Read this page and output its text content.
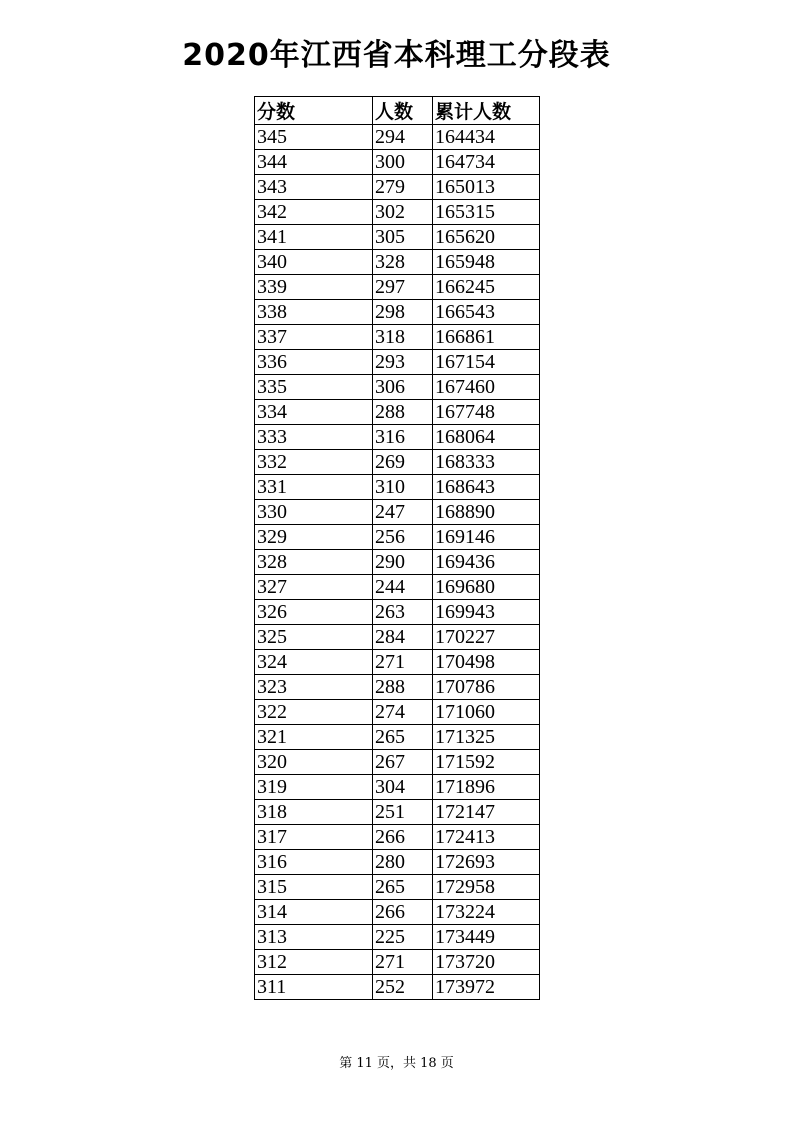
2020年江西省本科理工分段表
分数	人数	累计人数
345	294	164434
344	300	164734
343	279	165013
342	302	165315
341	305	165620
340	328	165948
339	297	166245
338	298	166543
337	318	166861
336	293	167154
335	306	167460
334	288	167748
333	316	168064
332	269	168333
331	310	168643
330	247	168890
329	256	169146
328	290	169436
327	244	169680
326	263	169943
325	284	170227
324	271	170498
323	288	170786
322	274	171060
321	265	171325
320	267	171592
319	304	171896
318	251	172147
317	266	172413
316	280	172693
315	265	172958
314	266	173224
313	225	173449
312	271	173720
311	252	173972
第 11 页，共 18 页
